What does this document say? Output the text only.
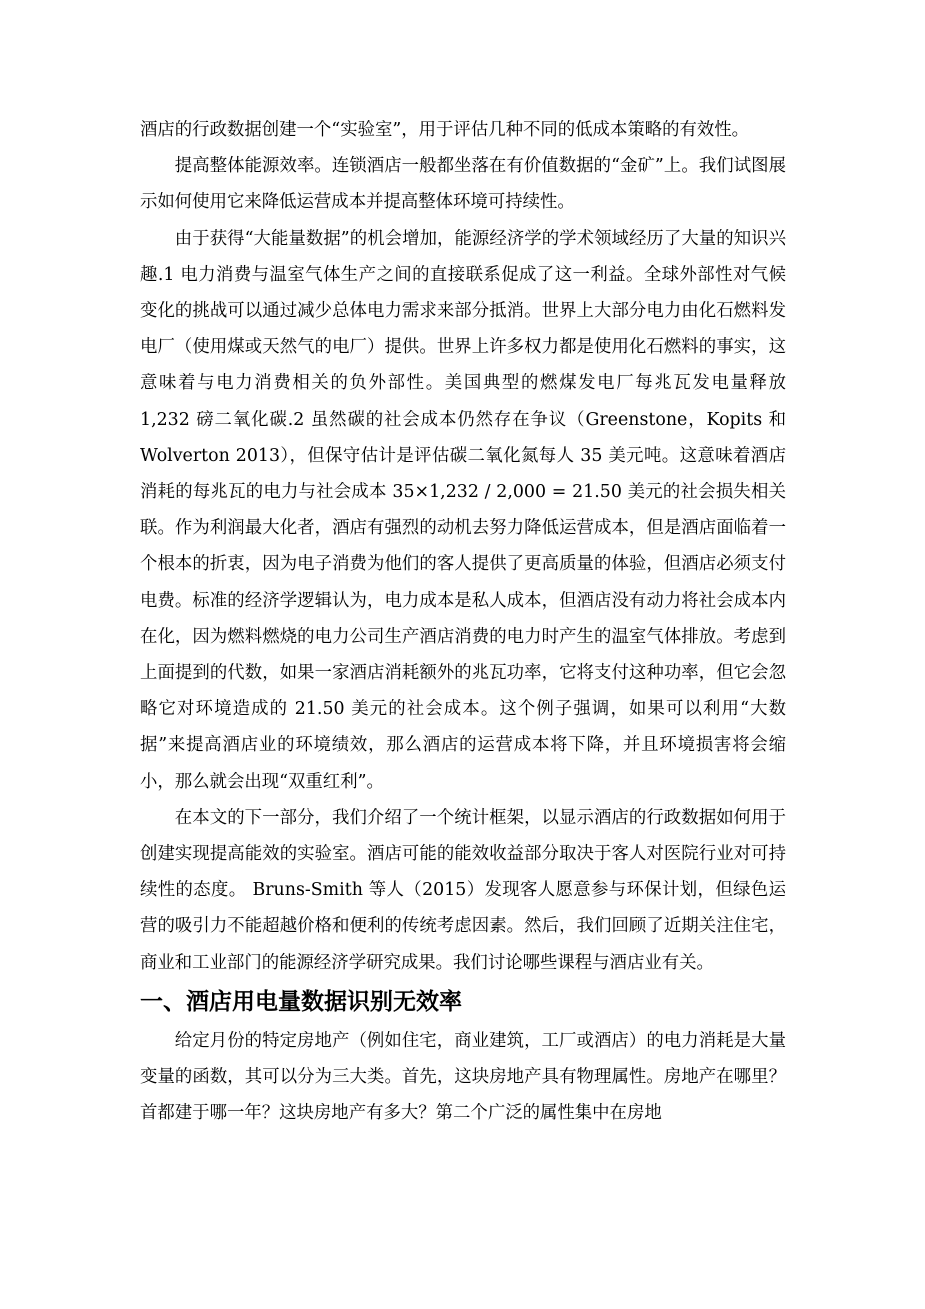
酒店的行政数据创建一个“实验室”，用于评估几种不同的低成本策略的有效性。

提高整体能源效率。连锁酒店一般都坐落在有价值数据的“金矿”上。我们试图展示如何使用它来降低运营成本并提高整体环境可持续性。

由于获得“大能量数据”的机会增加，能源经济学的学术领域经历了大量的知识兴趣.1 电力消费与温室气体生产之间的直接联系促成了这一利益。全球外部性对气候变化的挑战可以通过减少总体电力需求来部分抵消。世界上大部分电力由化石燃料发电厂（使用煤或天然气的电厂）提供。世界上许多权力都是使用化石燃料的事实，这意味着与电力消费相关的负外部性。美国典型的燃煤发电厂每兆瓦发电量释放 1,232 磅二氧化碳.2 虽然碳的社会成本仍然存在争议（Greenstone，Kopits 和 Wolverton 2013），但保守估计是评估碳二氧化氮每人 35 美元吨。这意味着酒店消耗的每兆瓦的电力与社会成本 35×1,232 / 2,000 = 21.50 美元的社会损失相关联。作为利润最大化者，酒店有强烈的动机去努力降低运营成本，但是酒店面临着一个根本的折衷，因为电子消费为他们的客人提供了更高质量的体验，但酒店必须支付电费。标准的经济学逻辑认为，电力成本是私人成本，但酒店没有动力将社会成本内在化，因为燃料燃烧的电力公司生产酒店消费的电力时产生的温室气体排放。考虑到上面提到的代数，如果一家酒店消耗额外的兆瓦功率，它将支付这种功率，但它会忽略它对环境造成的 21.50 美元的社会成本。这个例子强调，如果可以利用“大数据”来提高酒店业的环境绩效，那么酒店的运营成本将下降，并且环境损害将会缩小，那么就会出现“双重红利”。

在本文的下一部分，我们介绍了一个统计框架，以显示酒店的行政数据如何用于创建实现提高能效的实验室。酒店可能的能效收益部分取决于客人对医院行业对可持续性的态度。 Bruns-Smith 等人（2015）发现客人愿意参与环保计划，但绿色运营的吸引力不能超越价格和便利的传统考虑因素。然后，我们回顾了近期关注住宅，商业和工业部门的能源经济学研究成果。我们讨论哪些课程与酒店业有关。

一、酒店用电量数据识别无效率

给定月份的特定房地产（例如住宅，商业建筑，工厂或酒店）的电力消耗是大量变量的函数，其可以分为三大类。首先，这块房地产具有物理属性。房地产在哪里？首都建于哪一年？这块房地产有多大？第二个广泛的属性集中在房地
